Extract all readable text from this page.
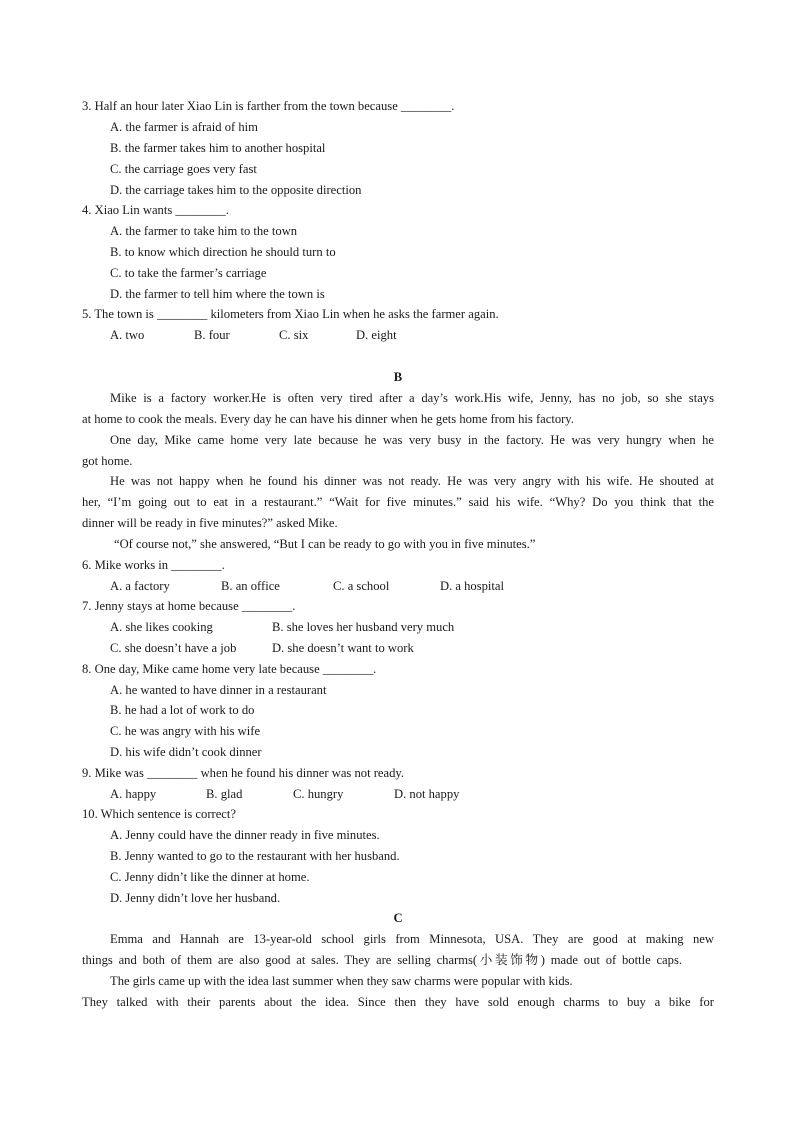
3. Half an hour later Xiao Lin is farther from the town because ________.
A. the farmer is afraid of him
B. the farmer takes him to another hospital
C. the carriage goes very fast
D. the carriage takes him to the opposite direction
4. Xiao Lin wants ________.
A. the farmer to take him to the town
B. to know which direction he should turn to
C. to take the farmer’s carriage
D. the farmer to tell him where the town is
5. The town is ________ kilometers from Xiao Lin when he asks the farmer again.
A. two	B. four	C. six	D. eight
B
Mike is a factory worker.He is often very tired after a day’s work.His wife, Jenny, has no job, so she stays
at home to cook the meals. Every day he can have his dinner when he gets home from his factory.
One day, Mike came home very late because he was very busy in the factory. He was very hungry when he
got home.
He was not happy when he found his dinner was not ready. He was very angry with his wife. He shouted at
her, “I’m going out to eat in a restaurant.” “Wait for five minutes.” said his wife. “Why? Do you think that the
dinner will be ready in five minutes?” asked Mike.
“Of course not,” she answered, “But I can be ready to go with you in five minutes.”
6. Mike works in ________.
A. a factory	B. an office	C. a school	D. a hospital
7. Jenny stays at home because ________.
A. she likes cooking	B. she loves her husband very much
C. she doesn’t have a job	D. she doesn’t want to work
8. One day, Mike came home very late because ________.
A. he wanted to have dinner in a restaurant
B. he had a lot of work to do
C. he was angry with his wife
D. his wife didn’t cook dinner
9. Mike was ________ when he found his dinner was not ready.
A. happy	B. glad	C. hungry	D. not happy
10. Which sentence is correct?
A. Jenny could have the dinner ready in five minutes.
B. Jenny wanted to go to the restaurant with her husband.
C. Jenny didn’t like the dinner at home.
D. Jenny didn’t love her husband.
C
Emma and Hannah are 13-year-old school girls from Minnesota, USA. They are good at making new
things and both of them are also good at sales. They are selling charms(小装饰物) made out of bottle caps.
The girls came up with the idea last summer when they saw charms were popular with kids.
They talked with their parents about the idea. Since then they have sold enough charms to buy a bike for
